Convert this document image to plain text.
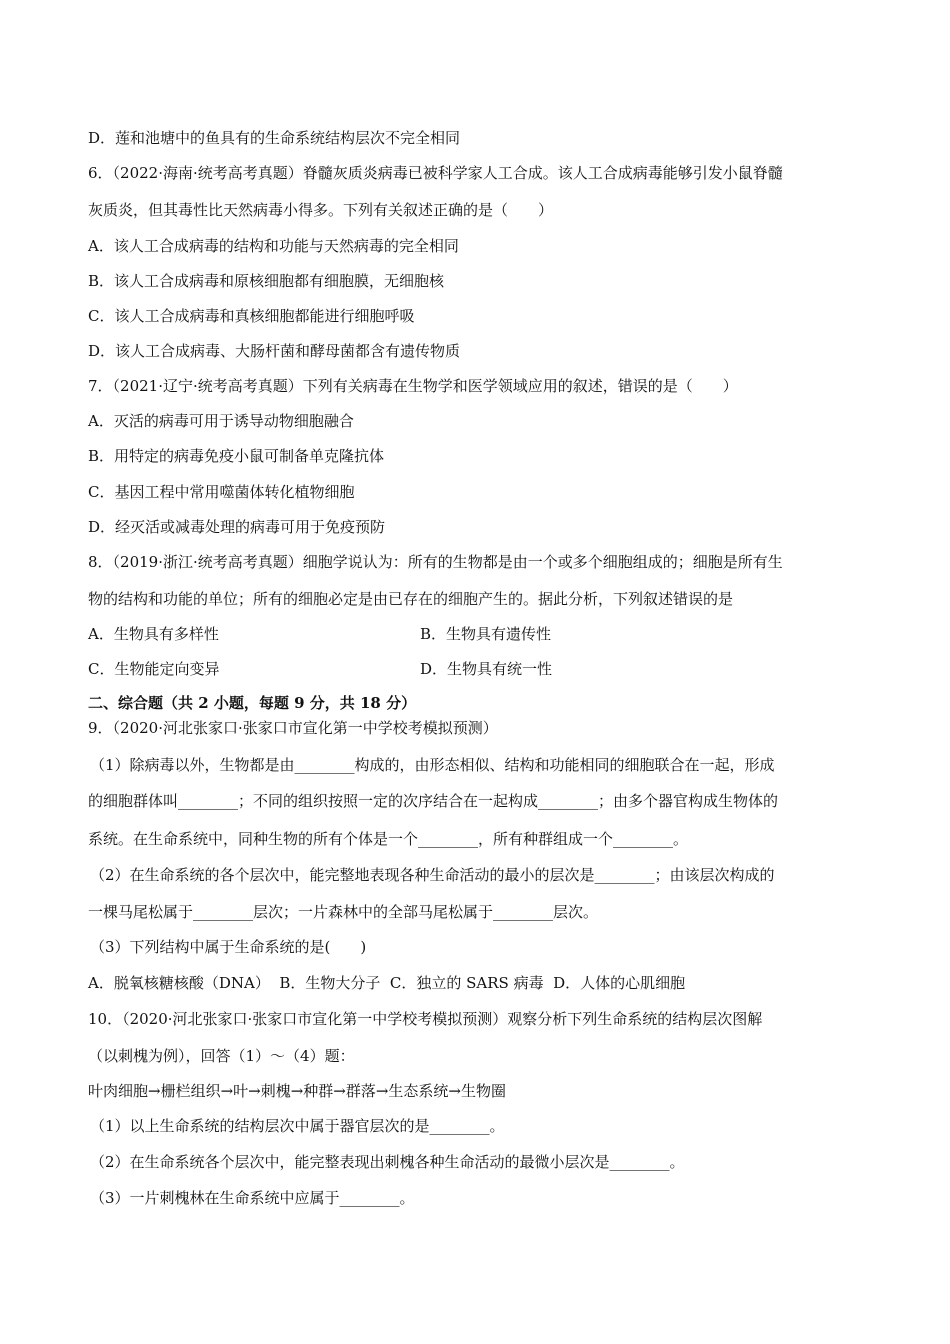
D．莲和池塘中的鱼具有的生命系统结构层次不完全相同
6．（2022·海南·统考高考真题）脊髓灰质炎病毒已被科学家人工合成。该人工合成病毒能够引发小鼠脊髓
灰质炎，但其毒性比天然病毒小得多。下列有关叙述正确的是（　　）
A．该人工合成病毒的结构和功能与天然病毒的完全相同
B．该人工合成病毒和原核细胞都有细胞膜，无细胞核
C．该人工合成病毒和真核细胞都能进行细胞呼吸
D．该人工合成病毒、大肠杆菌和酵母菌都含有遗传物质
7．（2021·辽宁·统考高考真题）下列有关病毒在生物学和医学领域应用的叙述，错误的是（　　）
A．灭活的病毒可用于诱导动物细胞融合
B．用特定的病毒免疫小鼠可制备单克隆抗体
C．基因工程中常用噬菌体转化植物细胞
D．经灭活或减毒处理的病毒可用于免疫预防
8．（2019·浙江·统考高考真题）细胞学说认为：所有的生物都是由一个或多个细胞组成的；细胞是所有生
物的结构和功能的单位；所有的细胞必定是由已存在的细胞产生的。据此分析，下列叙述错误的是
A．生物具有多样性	B．生物具有遗传性
C．生物能定向变异	D．生物具有统一性
二、综合题（共 2 小题，每题 9 分，共 18 分）
9．（2020·河北张家口·张家口市宣化第一中学校考模拟预测）
（1）除病毒以外，生物都是由________构成的，由形态相似、结构和功能相同的细胞联合在一起，形成
的细胞群体叫________；不同的组织按照一定的次序结合在一起构成________；由多个器官构成生物体的
系统。在生命系统中，同种生物的所有个体是一个________，所有种群组成一个________。
（2）在生命系统的各个层次中，能完整地表现各种生命活动的最小的层次是________；由该层次构成的
一棵马尾松属于________层次；一片森林中的全部马尾松属于________层次。
（3）下列结构中属于生命系统的是(　　)
A．脱氧核糖核酸（DNA）  B．生物大分子  C．独立的 SARS 病毒  D．人体的心肌细胞
10．（2020·河北张家口·张家口市宣化第一中学校考模拟预测）观察分析下列生命系统的结构层次图解
（以刺槐为例），回答（1）～（4）题：
叶肉细胞→栅栏组织→叶→刺槐→种群→群落→生态系统→生物圈
（1）以上生命系统的结构层次中属于器官层次的是________。
（2）在生命系统各个层次中，能完整表现出刺槐各种生命活动的最微小层次是________。
（3）一片刺槐林在生命系统中应属于________。
